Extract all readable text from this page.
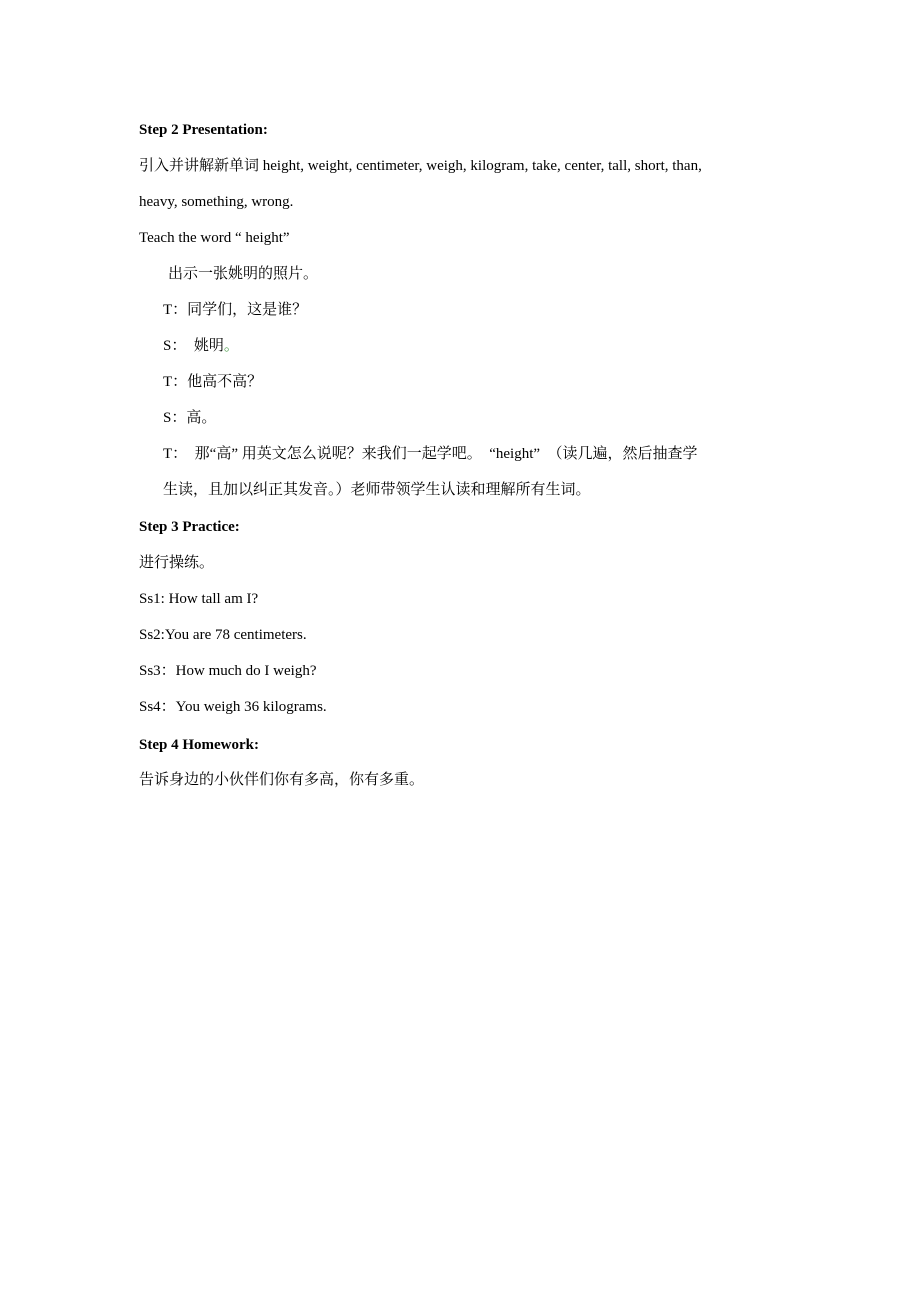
Step 2 Presentation:
引入并讲解新单词 height, weight, centimeter, weigh, kilogram, take, center, tall, short, than,
heavy, something, wrong.
Teach the word “ height”
出示一张姚明的照片。
T：同学们，这是谁？
S：  姚明。
T：他高不高？
S：高。
T：  那“高” 用英文怎么说呢？来我们一起学吧。  “height”  （读几遍，然后抽查学
生读，且加以纠正其发音。）老师带领学生认读和理解所有生词。
Step 3 Practice:
进行操练。
Ss1: How tall am I?
Ss2:You are 78 centimeters.
Ss3：How much do I weigh?
Ss4：You weigh 36 kilograms.
Step 4 Homework:
告诉身边的小伙伴们你有多高，你有多重。
